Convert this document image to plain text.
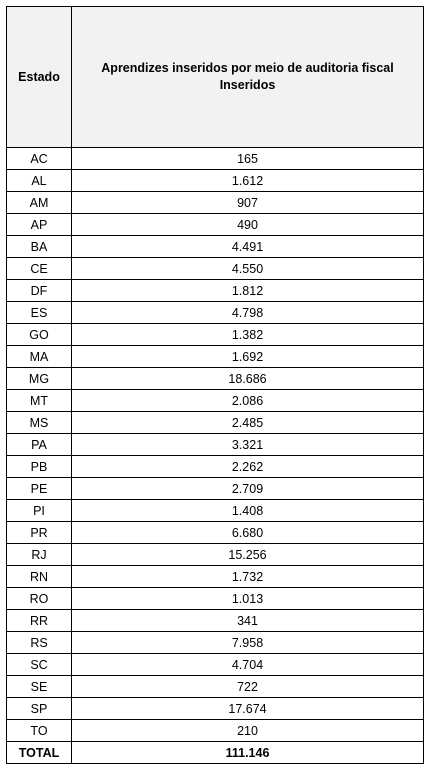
Estado	Aprendizes inseridos por meio de auditoria fiscal
Inseridos

AC	165
AL	1.612
AM	907
AP	490
BA	4.491
CE	4.550
DF	1.812
ES	4.798
GO	1.382
MA	1.692
MG	18.686
MT	2.086
MS	2.485
PA	3.321
PB	2.262
PE	2.709
PI	1.408
PR	6.680
RJ	15.256
RN	1.732
RO	1.013
RR	341
RS	7.958
SC	4.704
SE	722
SP	17.674
TO	210
TOTAL	111.146
